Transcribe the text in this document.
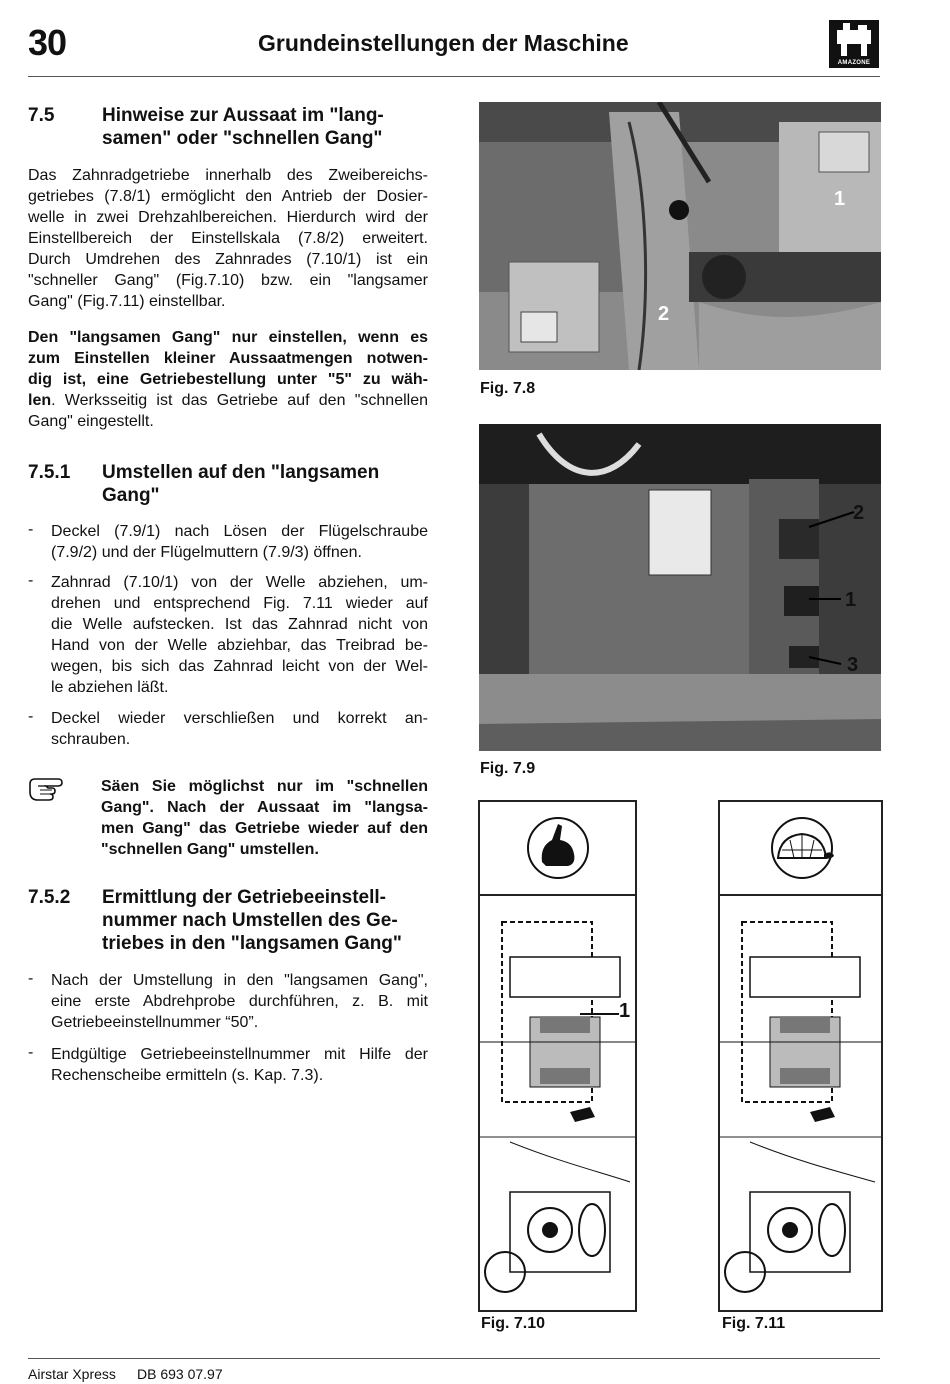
30	Grundeinstellungen der Maschine
AMAZONE
7.5	Hinweise zur Aussaat im "lang-
samen" oder "schnellen Gang"
Das Zahnradgetriebe innerhalb des Zweibereichs-
getriebes (7.8/1) ermöglicht den Antrieb der Dosier-
welle in zwei Drehzahlbereichen. Hierdurch wird der
Einstellbereich der Einstellskala (7.8/2) erweitert.
Durch Umdrehen des Zahnrades (7.10/1) ist ein
"schneller Gang" (Fig.7.10) bzw. ein "langsamer
Gang" (Fig.7.11) einstellbar.
Den "langsamen Gang" nur einstellen, wenn es
zum Einstellen kleiner Aussaatmengen notwen-
dig ist, eine Getriebestellung unter "5" zu wäh-
len. Werksseitig ist das Getriebe auf den "schnellen
Gang" eingestellt.
7.5.1 Umstellen auf den "langsamen
Gang"
- Deckel (7.9/1) nach Lösen der Flügelschraube
(7.9/2) und der Flügelmuttern (7.9/3) öffnen.
- Zahnrad (7.10/1) von der Welle abziehen, um-
drehen und entsprechend Fig. 7.11 wieder auf
die Welle aufstecken. Ist das Zahnrad nicht von
Hand von der Welle abziehbar, das Treibrad be-
wegen, bis sich das Zahnrad leicht von der Wel-
le abziehen läßt.
- Deckel wieder verschließen und korrekt an-
schrauben.
Säen Sie möglichst nur im "schnellen
Gang". Nach der Aussaat im "langsa-
men Gang" das Getriebe wieder auf den
"schnellen Gang" umstellen.
7.5.2 Ermittlung der Getriebeeinstell-
nummer nach Umstellen des Ge-
triebes in den "langsamen Gang"
- Nach der Umstellung in den "langsamen Gang",
eine erste Abdrehprobe durchführen, z. B. mit
Getriebeeinstellnummer “50”.
- Endgültige Getriebeeinstellnummer mit Hilfe der
Rechenscheibe ermitteln (s. Kap. 7.3).
1
2
Fig. 7.8
2
1
3
Fig. 7.9
1
Fig. 7.10	Fig. 7.11
Airstar Xpress DB 693 07.97
